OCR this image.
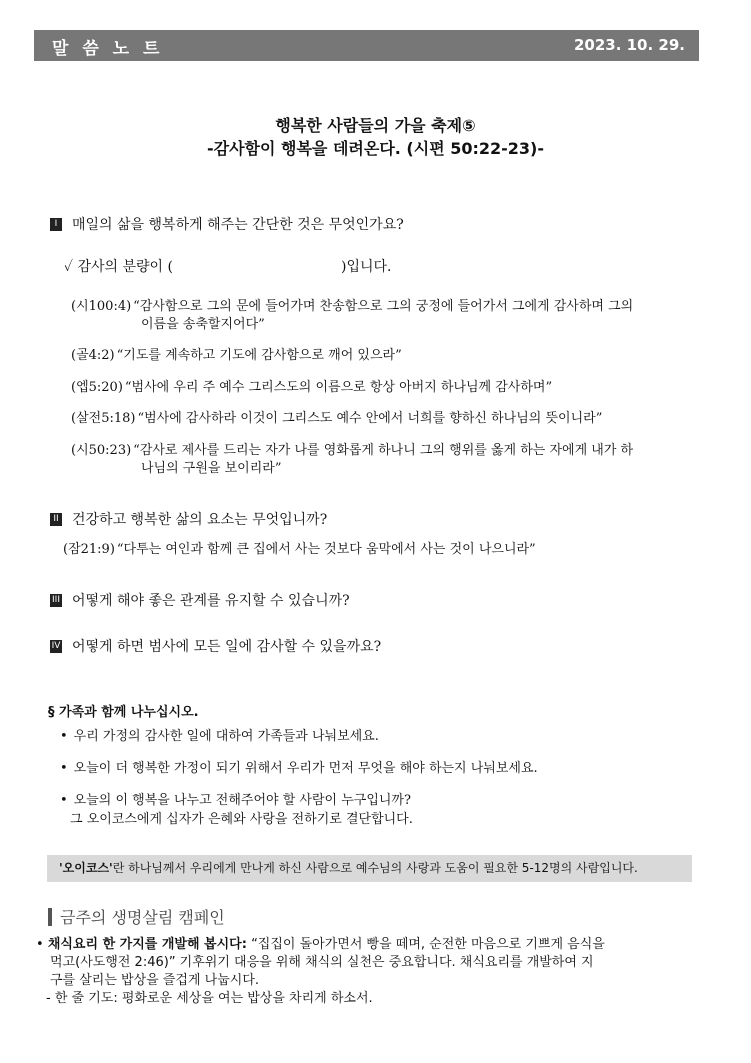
말 씀 노 트	2023. 10. 29.
행복한 사람들의 가을 축제⑤
-감사함이 행복을 데려온다. (시편 50:22-23)-
I	매일의 삶을 행복하게 해주는 간단한 것은 무엇인가요?
✓ 감사의 분량이 (	)입니다.
(시100:4) “감사함으로 그의 문에 들어가며 찬송함으로 그의 궁정에 들어가서 그에게 감사하며 그의
이름을 송축할지어다”
(골4:2) “기도를 계속하고 기도에 감사함으로 깨어 있으라”
(엡5:20) “범사에 우리 주 예수 그리스도의 이름으로 항상 아버지 하나님께 감사하며”
(살전5:18) “범사에 감사하라 이것이 그리스도 예수 안에서 너희를 향하신 하나님의 뜻이니라”
(시50:23) “감사로 제사를 드리는 자가 나를 영화롭게 하나니 그의 행위를 옳게 하는 자에게 내가 하
나님의 구원을 보이리라”
II 건강하고 행복한 삶의 요소는 무엇입니까?
(잠21:9) “다투는 여인과 함께 큰 집에서 사는 것보다 움막에서 사는 것이 나으니라”
III 어떻게 해야 좋은 관계를 유지할 수 있습니까?
IV 어떻게 하면 범사에 모든 일에 감사할 수 있을까요?
§ 가족과 함께 나누십시오.
• 우리 가정의 감사한 일에 대하여 가족들과 나눠보세요.
• 오늘이 더 행복한 가정이 되기 위해서 우리가 먼저 무엇을 해야 하는지 나눠보세요.
• 오늘의 이 행복을 나누고 전해주어야 할 사람이 누구입니까?
그 오이코스에게 십자가 은혜와 사랑을 전하기로 결단합니다.
'오이코스'란 하나님께서 우리에게 만나게 하신 사람으로 예수님의 사랑과 도움이 필요한 5-12명의 사람입니다.
금주의 생명살림 캠페인
• 채식요리 한 가지를 개발해 봅시다: “집집이 돌아가면서 빵을 떼며, 순전한 마음으로 기쁘게 음식을
먹고(사도행전 2:46)” 기후위기 대응을 위해 채식의 실천은 중요합니다. 채식요리를 개발하여 지
구를 살리는 밥상을 즐겁게 나눕시다.
- 한 줄 기도: 평화로운 세상을 여는 밥상을 차리게 하소서.
